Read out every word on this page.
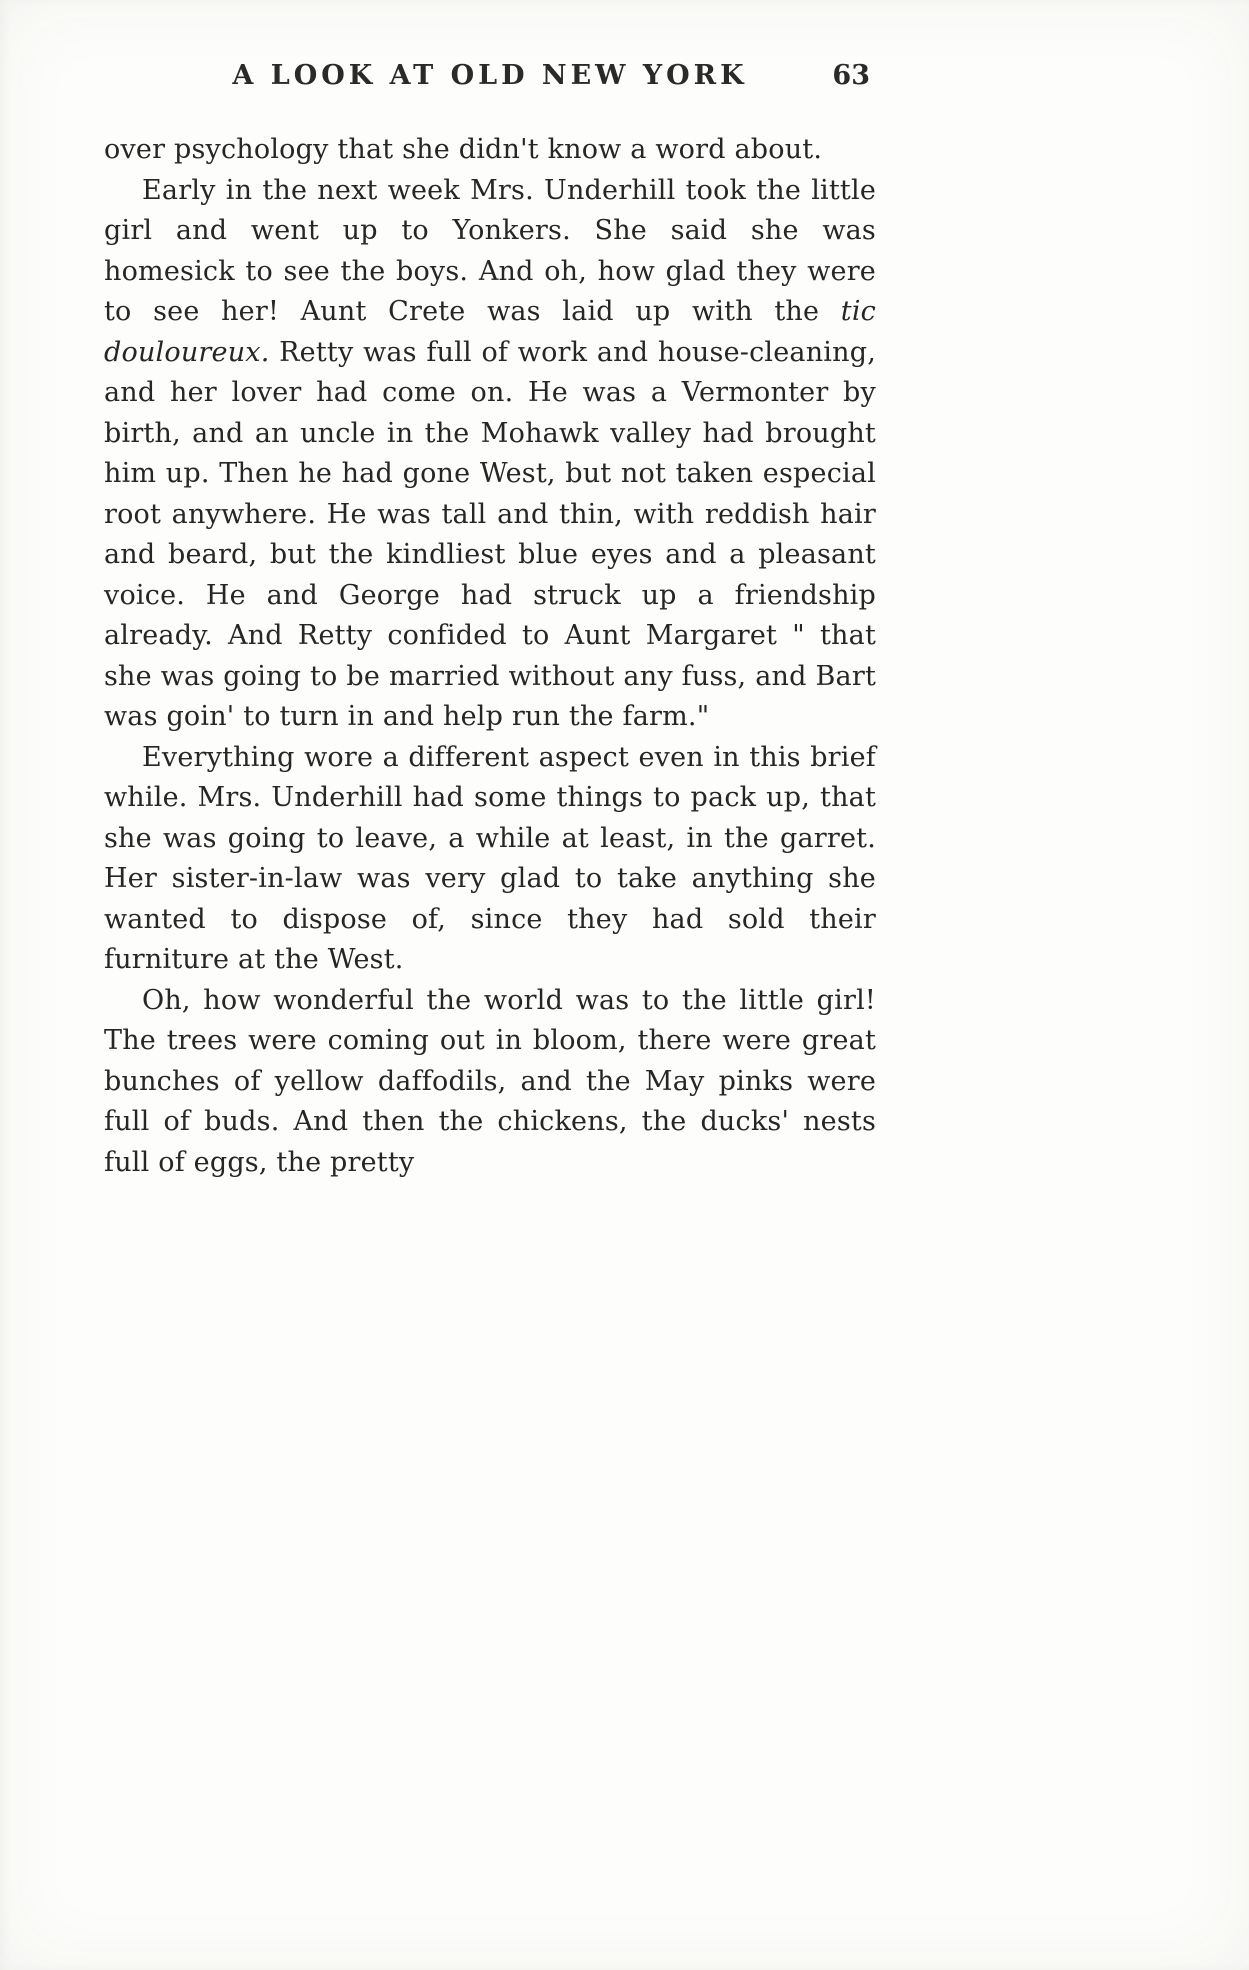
A LOOK AT OLD NEW YORK	63

over psychology that she didn't know a word about.

Early in the next week Mrs. Underhill took the little girl and went up to Yonkers. She said she was homesick to see the boys. And oh, how glad they were to see her! Aunt Crete was laid up with the tic douloureux. Retty was full of work and house-cleaning, and her lover had come on. He was a Vermonter by birth, and an uncle in the Mohawk valley had brought him up. Then he had gone West, but not taken especial root anywhere. He was tall and thin, with reddish hair and beard, but the kindliest blue eyes and a pleasant voice. He and George had struck up a friendship already. And Retty confided to Aunt Margaret " that she was going to be married without any fuss, and Bart was goin' to turn in and help run the farm."

Everything wore a different aspect even in this brief while. Mrs. Underhill had some things to pack up, that she was going to leave, a while at least, in the garret. Her sister-in-law was very glad to take anything she wanted to dispose of, since they had sold their furniture at the West.

Oh, how wonderful the world was to the little girl! The trees were coming out in bloom, there were great bunches of yellow daffodils, and the May pinks were full of buds. And then the chickens, the ducks' nests full of eggs, the pretty
